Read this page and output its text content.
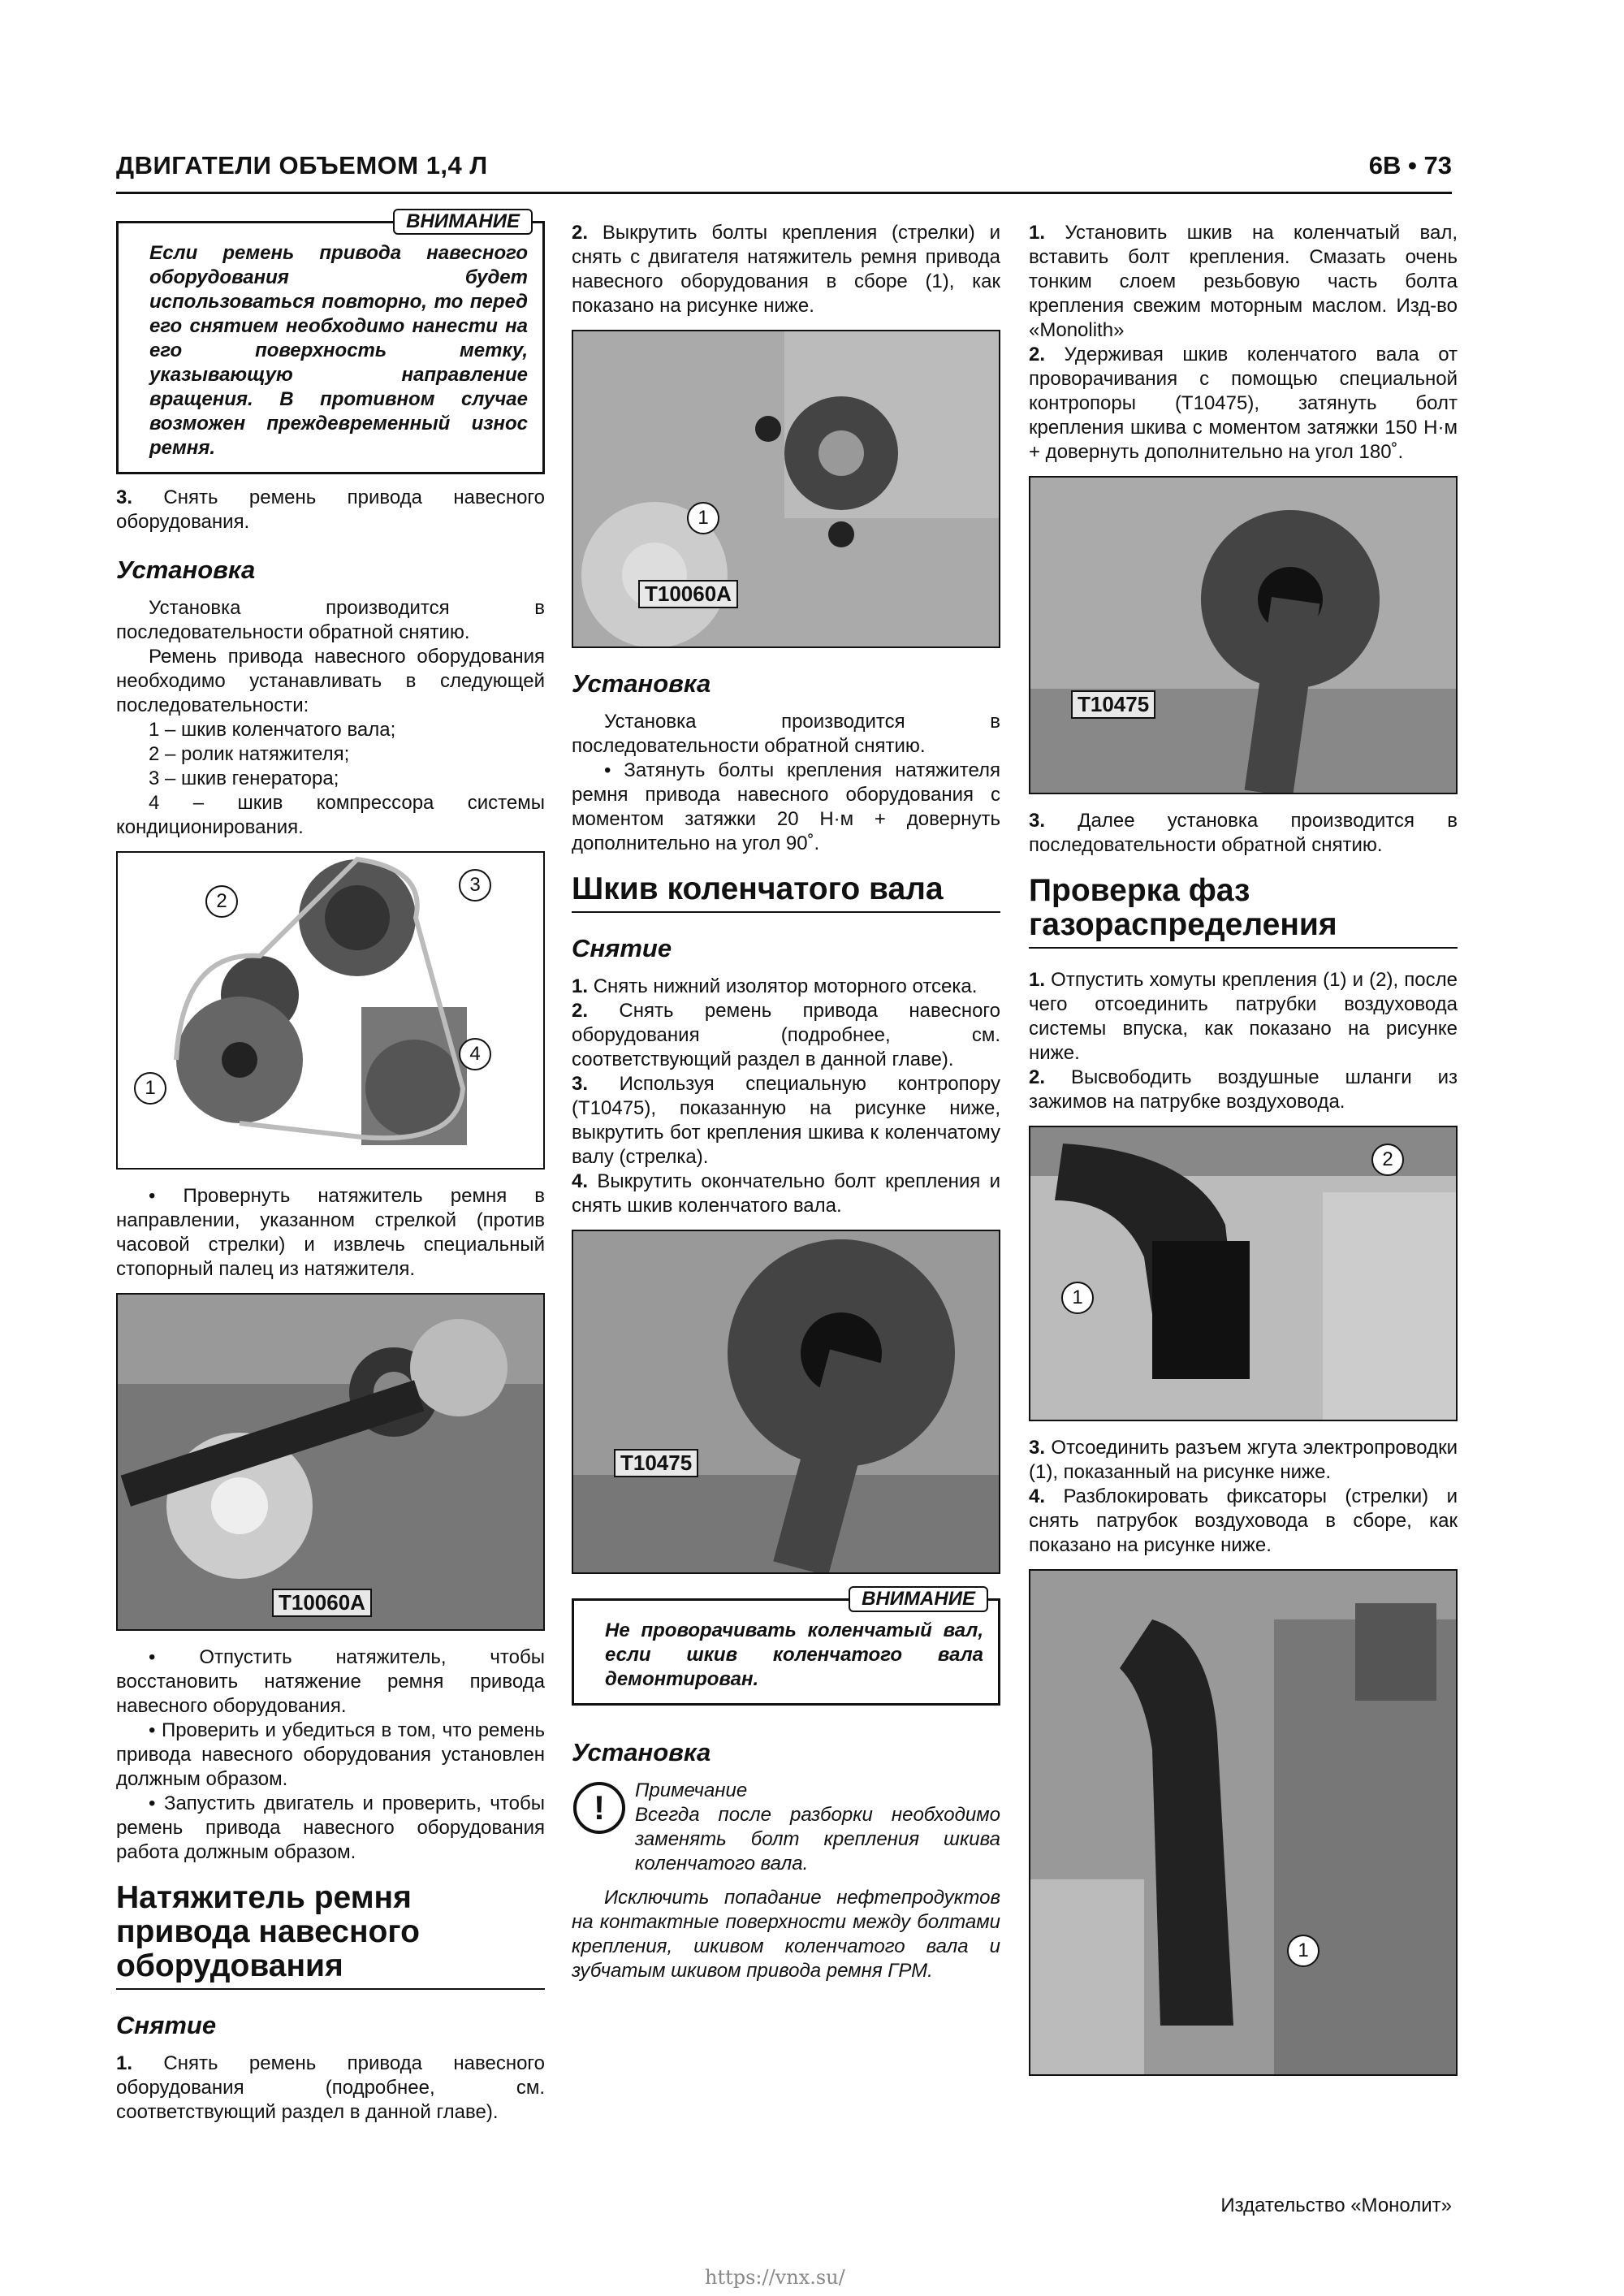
ДВИГАТЕЛИ ОБЪЕМОМ 1,4 Л	6В • 73
ВНИМАНИЕ
Если ремень привода навесного оборудования будет использоваться повторно, то перед его снятием необходимо нанести на его поверхность метку, указывающую направление вращения. В противном случае возможен преждевременный износ ремня.

3. Снять ремень привода навесного оборудования.

Установка

Установка производится в последовательности обратной снятию.

Ремень привода навесного оборудования необходимо устанавливать в следующей последовательности:

1 – шкив коленчатого вала;

2 – ролик натяжителя;

3 – шкив генератора;

4 – шкив компрессора системы кондиционирования.

1
2
3
4

• Провернуть натяжитель ремня в направлении, указанном стрелкой (против часовой стрелки) и извлечь специальный стопорный палец из натяжителя.

T10060A

• Отпустить натяжитель, чтобы восстановить натяжение ремня привода навесного оборудования.

• Проверить и убедиться в том, что ремень привода навесного оборудования установлен должным образом.

• Запустить двигатель и проверить, чтобы ремень привода навесного оборудования работа должным образом.

Натяжитель ремня привода навесного оборудования
Снятие

1. Снять ремень привода навесного оборудования (подробнее, см. соответствующий раздел в данной главе).

2. Выкрутить болты крепления (стрелки) и снять с двигателя натяжитель ремня привода навесного оборудования в сборе (1), как показано на рисунке ниже.

1
T10060A
Установка

Установка производится в последовательности обратной снятию.

• Затянуть болты крепления натяжителя ремня привода навесного оборудования с моментом затяжки 20 Н·м + довернуть дополнительно на угол 90˚.

Шкив коленчатого вала
Снятие

1. Снять нижний изолятор моторного отсека.

2. Снять ремень привода навесного оборудования (подробнее, см. соответствующий раздел в данной главе).

3. Используя специальную контропору (T10475), показанную на рисунке ниже, выкрутить бот крепления шкива к коленчатому валу (стрелка).

4. Выкрутить окончательно болт крепления и снять шкив коленчатого вала.

T10475
ВНИМАНИЕ
Не проворачивать коленчатый вал, если шкив коленчатого вала демонтирован.
Установка
!	Примечание

Всегда после разборки необходимо заменять болт крепления шкива коленчатого вала.

Исключить попадание нефтепродуктов на контактные поверхности между болтами крепления, шкивом коленчатого вала и зубчатым шкивом привода ремня ГРМ.

1. Установить шкив на коленчатый вал, вставить болт крепления. Смазать очень тонким слоем резьбовую часть болта крепления свежим моторным маслом. Изд-во «Monolith»

2. Удерживая шкив коленчатого вала от проворачивания с помощью специальной контропоры (T10475), затянуть болт крепления шкива с моментом затяжки 150 Н·м + довернуть дополнительно на угол 180˚.

T10475

3. Далее установка производится в последовательности обратной снятию.

Проверка фаз газораспределения

1. Отпустить хомуты крепления (1) и (2), после чего отсоединить патрубки воздуховода системы впуска, как показано на рисунке ниже.

2. Высвободить воздушные шланги из зажимов на патрубке воздуховода.

1
2

3. Отсоединить разъем жгута электропроводки (1), показанный на рисунке ниже.

4. Разблокировать фиксаторы (стрелки) и снять патрубок воздуховода в сборе, как показано на рисунке ниже.

1
Издательство «Монолит»
https://vnx.su/
